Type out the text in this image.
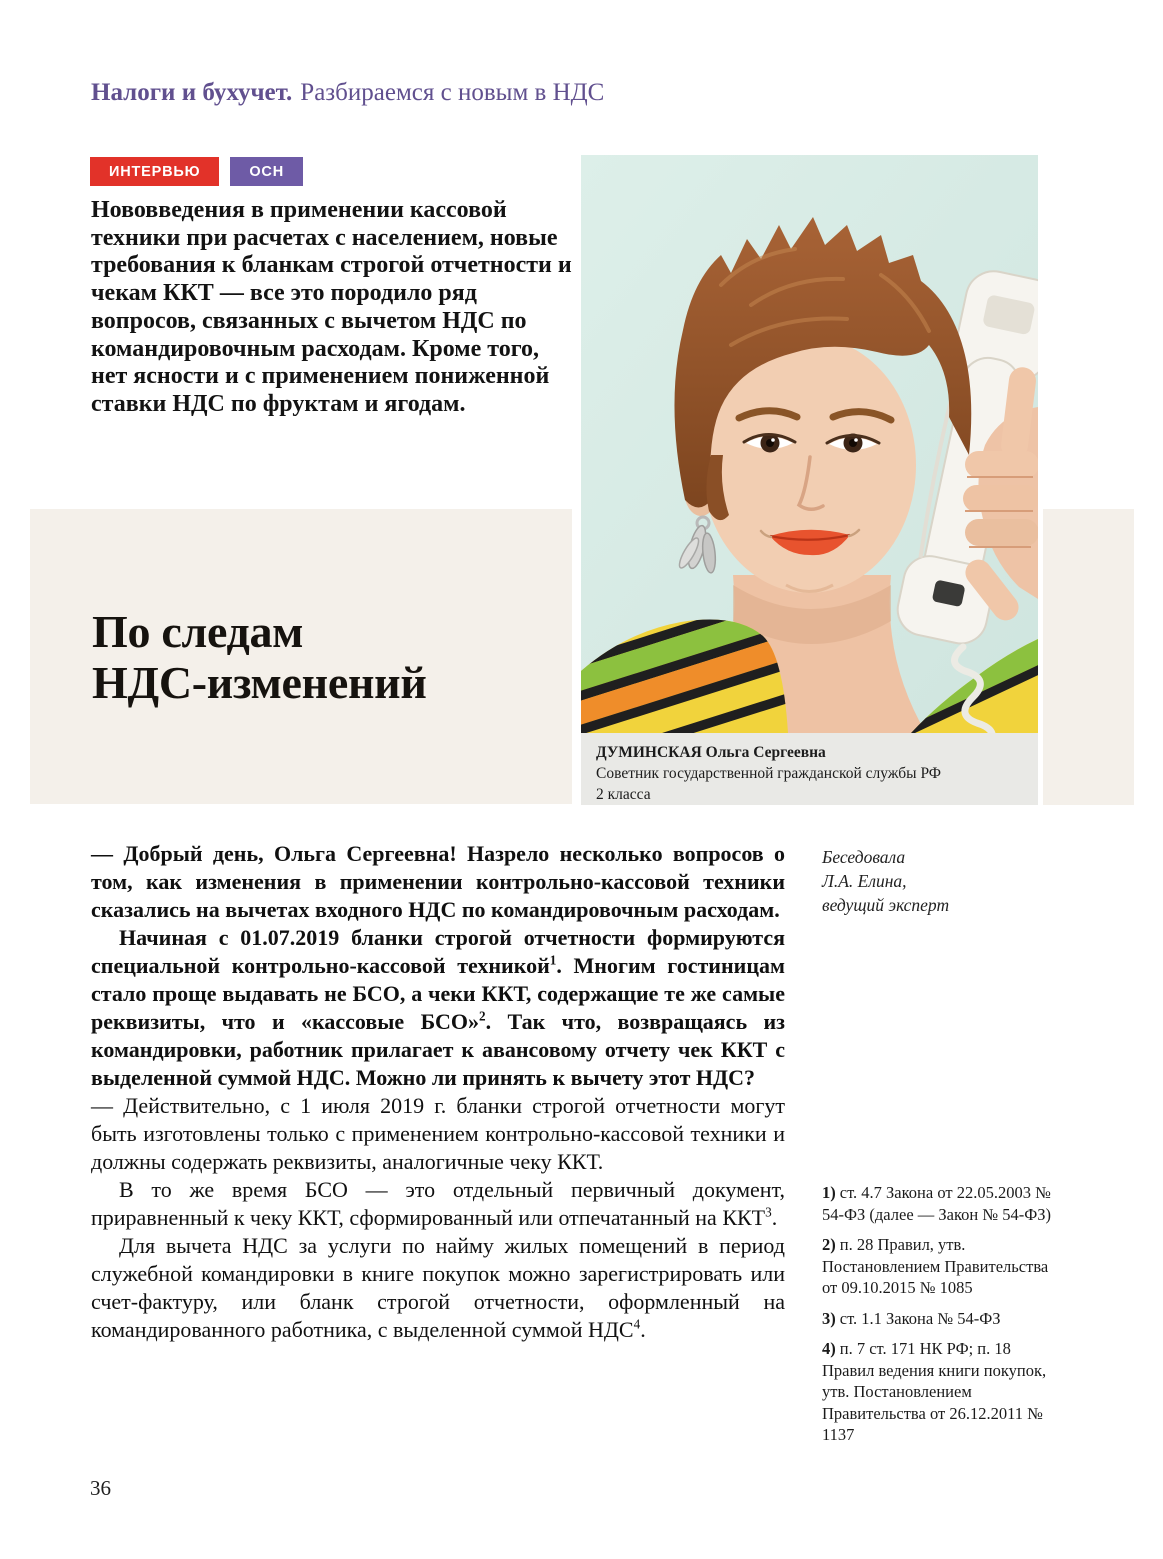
Налоги и бухучет. Разбираемся с новым в НДС
ИНТЕРВЬЮ	ОСН
Нововведения в применении кассовой техники при расчетах с населением, новые требования к бланкам строгой отчетности и чекам ККТ — все это породило ряд вопросов, связанных с вычетом НДС по командировочным расходам. Кроме того, нет ясности и с применением пониженной ставки НДС по фруктам и ягодам.
По следам
НДС-изменений
ДУМИНСКАЯ Ольга Сергеевна
Советник государственной гражданской службы РФ
2 класса

— Добрый день, Ольга Сергеевна! Назрело несколько вопросов о том, как изменения в применении контрольно-кассовой техники сказались на вычетах входного НДС по командировочным расходам.

Начиная с 01.07.2019 бланки строгой отчетности формируются специальной контрольно-кассовой техникой$^1$. Многим гостиницам стало проще выдавать не БСО, а чеки ККТ, содержащие те же самые реквизиты, что и «кассовые БСО»$^2$. Так что, возвращаясь из командировки, работник прилагает к авансовому отчету чек ККТ с выделенной суммой НДС. Можно ли принять к вычету этот НДС?

— Действительно, с 1 июля 2019 г. бланки строгой отчетности могут быть изготовлены только с применением контрольно-кассовой техники и должны содержать реквизиты, аналогичные чеку ККТ.

В то же время БСО — это отдельный первичный документ, приравненный к чеку ККТ, сформированный или отпечатанный на ККТ$^3$.

Для вычета НДС за услуги по найму жилых помещений в период служебной командировки в книге покупок можно зарегистрировать или счет-фактуру, или бланк строгой отчетности, оформленный на командированного работника, с выделенной суммой НДС$^4$.

Беседовала
Л.А. Елина,
ведущий эксперт
1) ст. 4.7 Закона от 22.05.2003 № 54-ФЗ (далее — Закон № 54-ФЗ)
2) п. 28 Правил, утв. Постановлением Правительства от 09.10.2015 № 1085
3) ст. 1.1 Закона № 54-ФЗ
4) п. 7 ст. 171 НК РФ; п. 18 Правил ведения книги покупок, утв. Постановлением Правительства от 26.12.2011 № 1137
36
